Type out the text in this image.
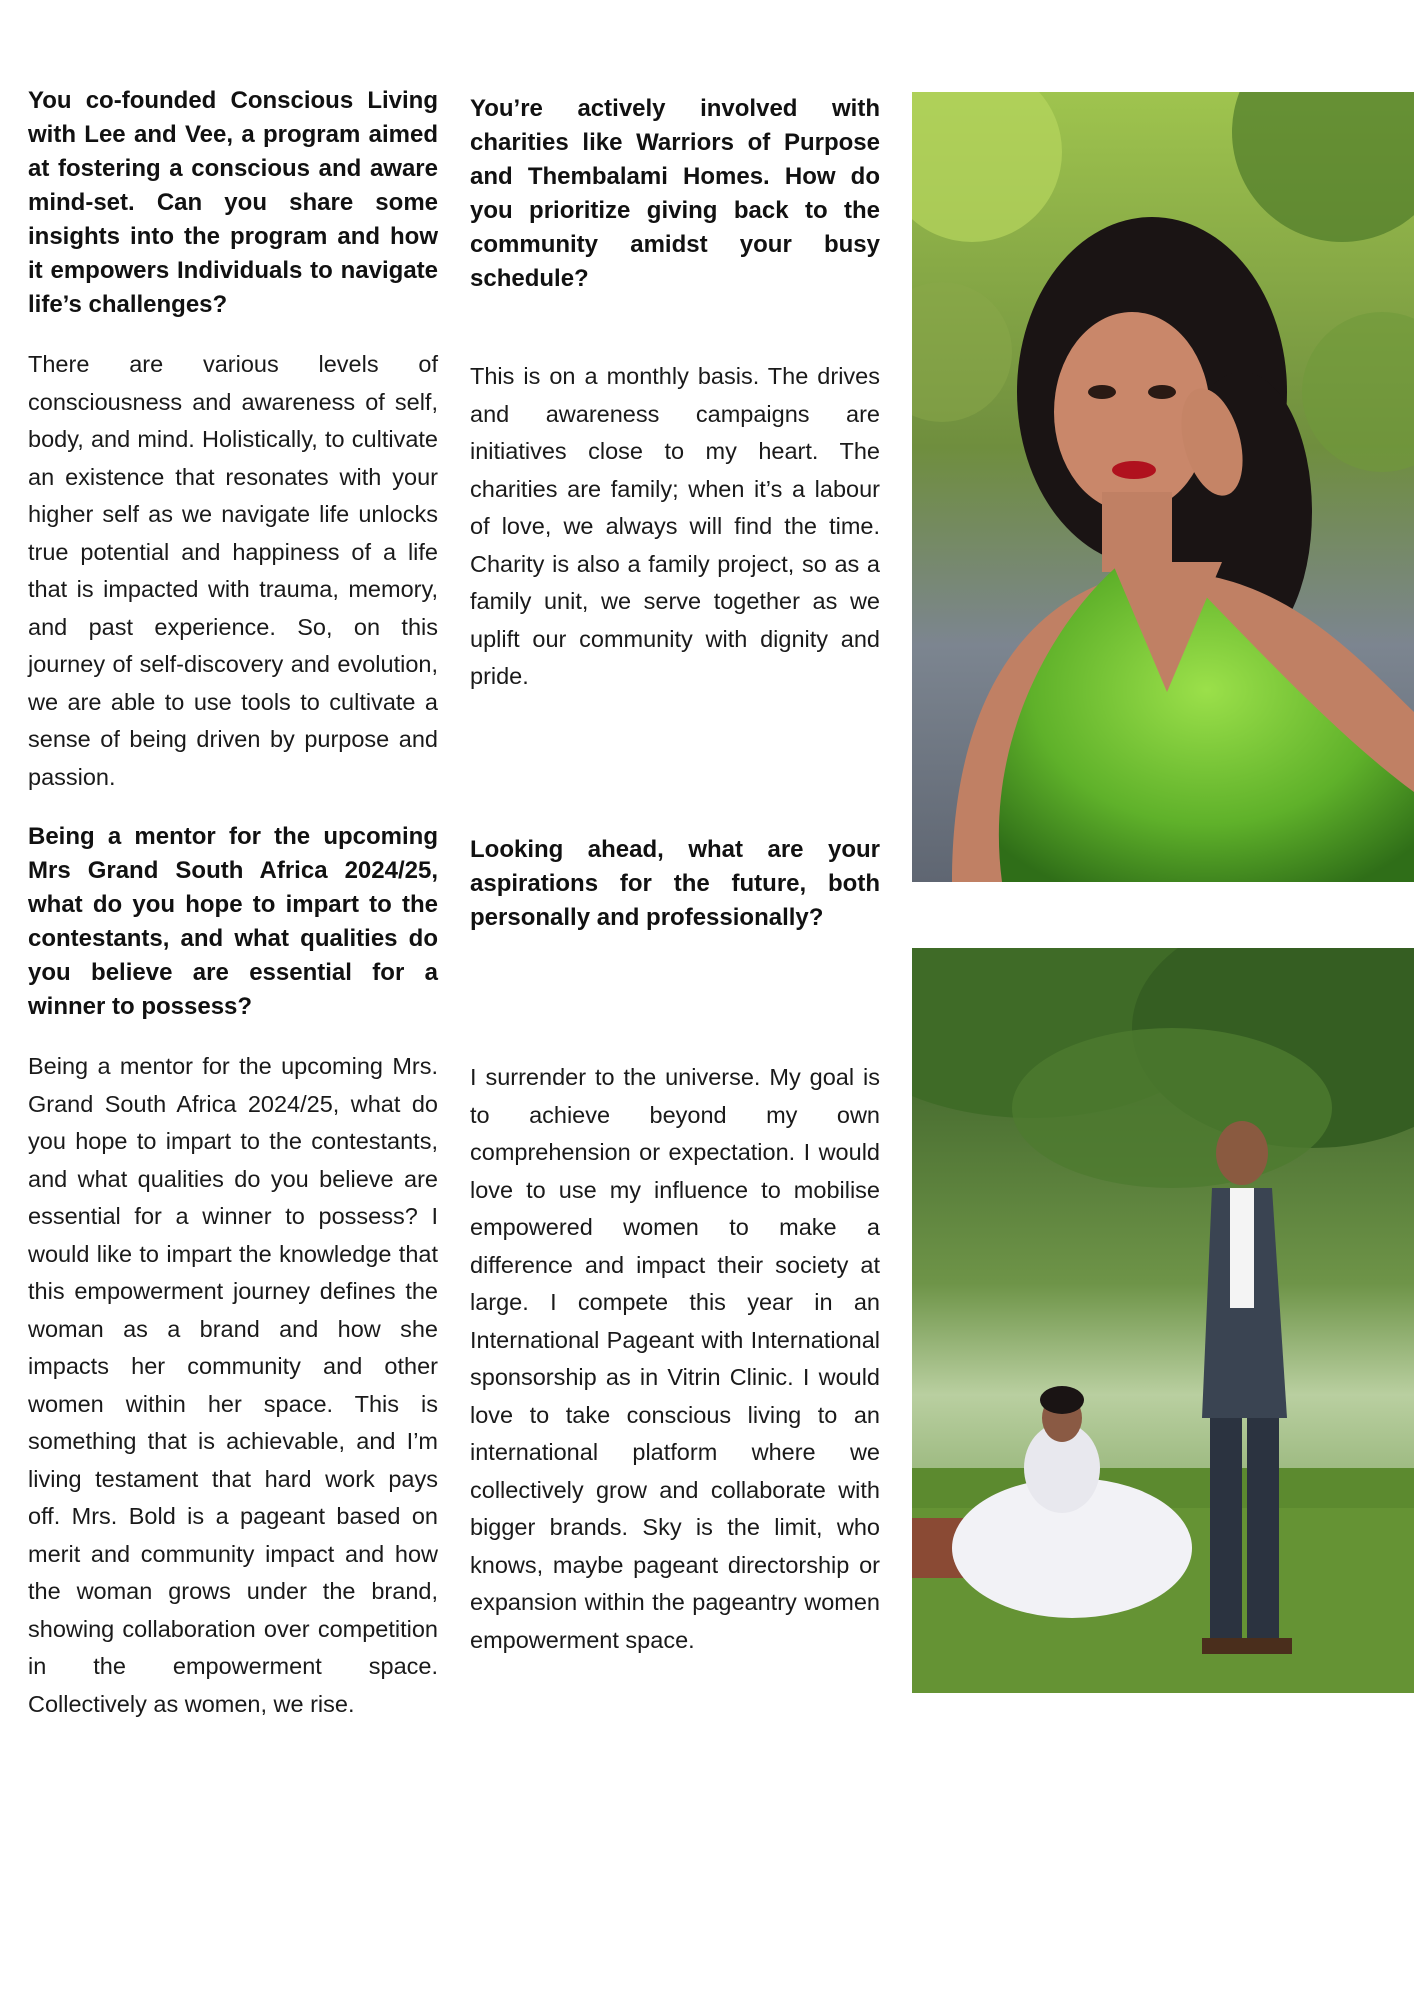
You co-founded Conscious Living with Lee and Vee, a program aimed at fostering a conscious and aware mind-set. Can you share some insights into the program and how it empowers Individuals to navigate life’s challenges?

There are various levels of consciousness and awareness of self, body, and mind. Holistically, to cultivate an existence that resonates with your higher self as we navigate life unlocks true potential and happiness of a life that is impacted with trauma, memory, and past experience. So, on this journey of self-discovery and evolution, we are able to use tools to cultivate a sense of being driven by purpose and passion.

Being a mentor for the upcoming Mrs Grand South Africa 2024/25, what do you hope to impart to the contestants, and what qualities do you believe are essential for a winner to possess?

Being a mentor for the upcoming Mrs. Grand South Africa 2024/25, what do you hope to impart to the contestants, and what qualities do you believe are essential for a winner to possess? I would like to impart the knowledge that this empowerment journey defines the woman as a brand and how she impacts her community and other women within her space. This is something that is achievable, and I’m living testament that hard work pays off. Mrs. Bold is a pageant based on merit and community impact and how the woman grows under the brand, showing collaboration over competition in the empowerment space. Collectively as women, we rise.

You’re actively involved with charities like Warriors of Purpose and Thembalami Homes. How do you prioritize giving back to the community amidst your busy schedule?

This is on a monthly basis. The drives and awareness campaigns are initiatives close to my heart. The charities are family; when it’s a labour of love, we always will find the time. Charity is also a family project, so as a family unit, we serve together as we uplift our community with dignity and pride.

Looking ahead, what are your aspirations for the future, both personally and professionally?

I surrender to the universe. My goal is to achieve beyond my own comprehension or expectation. I would love to use my influence to mobilise empowered women to make a difference and impact their society at large. I compete this year in an International Pageant with International sponsorship as in Vitrin Clinic. I would love to take conscious living to an international platform where we collectively grow and collaborate with bigger brands. Sky is the limit, who knows, maybe pageant directorship or expansion within the pageantry women empowerment space.
